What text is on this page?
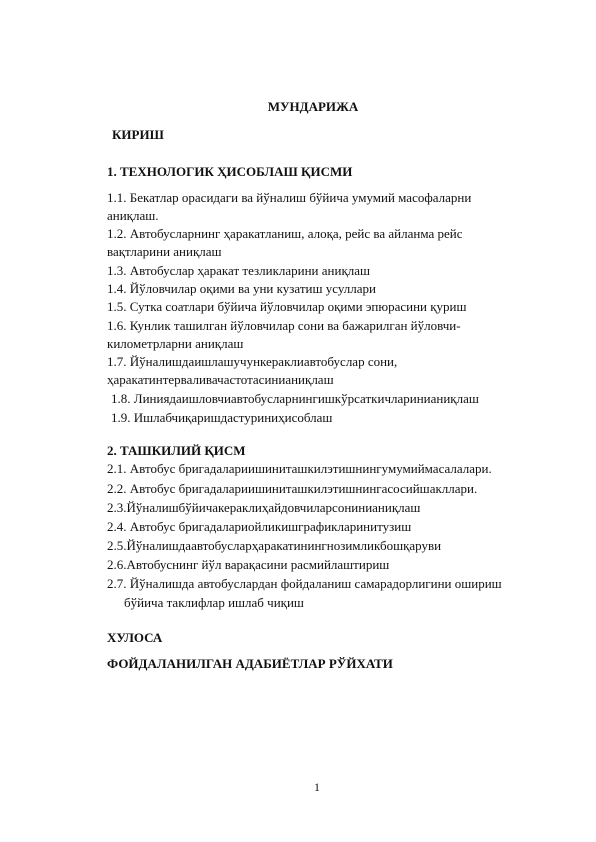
МУНДАРИЖА
КИРИШ
1. ТЕХНОЛОГИК ҲИСОБЛАШ ҚИСМИ
1.1. Бекатлар орасидаги ва йўналиш бўйича умумий масофаларни
аниқлаш.
1.2. Автобусларнинг ҳаракатланиш, алоқа, рейс ва айланма рейс
вақтларини аниқлаш
1.3. Автобуслар ҳаракат тезликларини аниқлаш
1.4. Йўловчилар оқими ва уни кузатиш усуллари
1.5. Сутка соатлари бўйича йўловчилар оқими эпюрасини қуриш
1.6. Кунлик ташилган йўловчилар сони ва бажарилган йўловчи-
километрларни аниқлаш
1.7. Йўналишдаишлашучункераклиавтобуслар сони,
ҳаракатинтерваливачастотасинианиқлаш
1.8. Линиядаишловчиавтобусларнингишкўрсаткичларинианиқлаш
1.9. Ишлабчиқаришдастуриниҳисоблаш
2. ТАШКИЛИЙ ҚИСМ
2.1. Автобус бригадалариишиниташкилэтишнингумумиймасалалари.
2.2. Автобус бригадалариишиниташкилэтишнингасосийшакллари.
2.3.Йўналишбўйичакераклиҳайдовчиларсонинианиқлаш
2.4. Автобус бригадалариойликишграфикларинитузиш
2.5.Йўналишдаавтобусларҳаракатинингнозимликбошқаруви
2.6.Автобуснинг йўл варақасини расмийлаштириш
2.7. Йўналишда автобуслардан фойдаланиш самарадорлигини ошириш
бўйича таклифлар ишлаб чиқиш
ХУЛОСА
ФОЙДАЛАНИЛГАН АДАБИЁТЛАР РЎЙХАТИ
1
